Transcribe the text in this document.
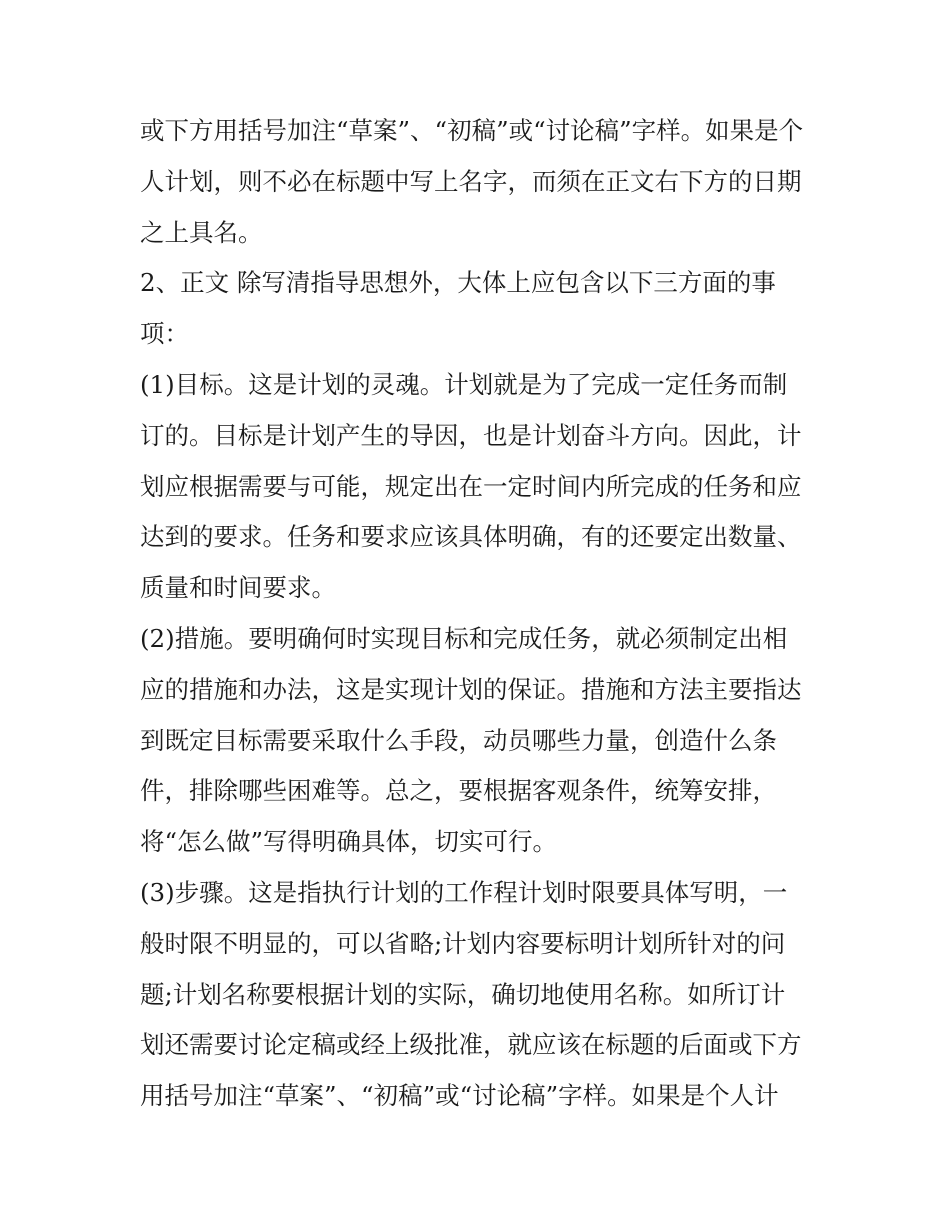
或下方用括号加注“草案”、“初稿”或“讨论稿”字样。如果是个
人计划，则不必在标题中写上名字，而须在正文右下方的日期
之上具名。
2、正文 除写清指导思想外，大体上应包含以下三方面的事
项：
(1)目标。这是计划的灵魂。计划就是为了完成一定任务而制
订的。目标是计划产生的导因，也是计划奋斗方向。因此，计
划应根据需要与可能，规定出在一定时间内所完成的任务和应
达到的要求。任务和要求应该具体明确，有的还要定出数量、
质量和时间要求。
(2)措施。要明确何时实现目标和完成任务，就必须制定出相
应的措施和办法，这是实现计划的保证。措施和方法主要指达
到既定目标需要采取什么手段，动员哪些力量，创造什么条
件，排除哪些困难等。总之，要根据客观条件，统筹安排，
将“怎么做”写得明确具体，切实可行。
(3)步骤。这是指执行计划的工作程计划时限要具体写明，一
般时限不明显的，可以省略;计划内容要标明计划所针对的问
题;计划名称要根据计划的实际，确切地使用名称。如所订计
划还需要讨论定稿或经上级批准，就应该在标题的后面或下方
用括号加注“草案”、“初稿”或“讨论稿”字样。如果是个人计
